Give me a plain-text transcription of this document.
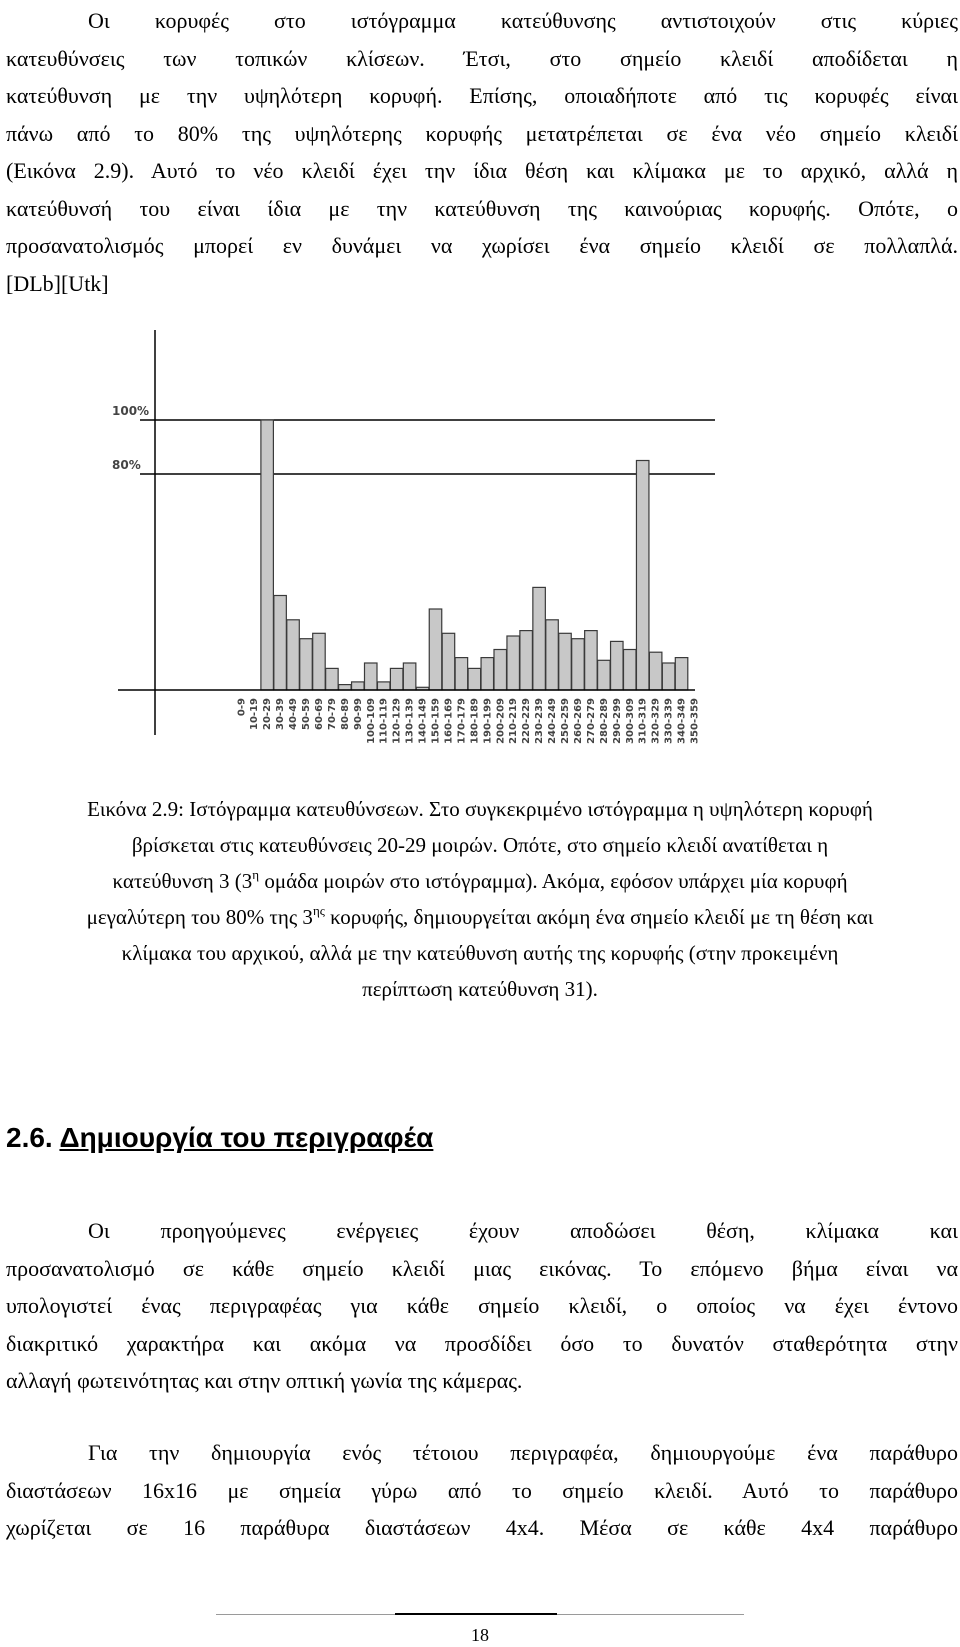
Οι κορυφές στο ιστόγραμμα κατεύθυνσης αντιστοιχούν στις κύριες
κατευθύνσεις των τοπικών κλίσεων. Έτσι, στο σημείο κλειδί αποδίδεται η
κατεύθυνση με την υψηλότερη κορυφή. Επίσης, οποιαδήποτε από τις κορυφές είναι
πάνω από το 80% της υψηλότερης κορυφής μετατρέπεται σε ένα νέο σημείο κλειδί
(Εικόνα 2.9). Αυτό το νέο κλειδί έχει την ίδια θέση και κλίμακα με το αρχικό, αλλά η
κατεύθυνσή του είναι ίδια με την κατεύθυνση της καινούριας κορυφής. Οπότε, ο
προσανατολισμός μπορεί εν δυνάμει να χωρίσει ένα σημείο κλειδί σε πολλαπλά.
[DLb][Utk]
100%
80%
0-9 10-19 20-29 30-39 40-49 50-59 60-69 70-79 80-89 90-99 100-109 110-119 120-129 130-139 140-149 150-159 160-169 170-179 180-189 190-199 200-209 210-219 220-229 230-239 240-249 250-259 260-269 270-279 280-289 290-299 300-309 310-319 320-329 330-339 340-349 350-359
Εικόνα 2.9: Ιστόγραμμα κατευθύνσεων. Στο συγκεκριμένο ιστόγραμμα η υψηλότερη κορυφή
βρίσκεται στις κατευθύνσεις 20-29 μοιρών. Οπότε, στο σημείο κλειδί ανατίθεται η
κατεύθυνση 3 ($3^\eta$ ομάδα μοιρών στο ιστόγραμμα). Ακόμα, εφόσον υπάρχει μία κορυφή
μεγαλύτερη του 80% της $3^{\eta\varsigma}$ κορυφής, δημιουργείται ακόμη ένα σημείο κλειδί με τη θέση και
κλίμακα του αρχικού, αλλά με την κατεύθυνση αυτής της κορυφής (στην προκειμένη
περίπτωση κατεύθυνση 31).
2.6. Δημιουργία του περιγραφέα
Οι προηγούμενες ενέργειες έχουν αποδώσει θέση, κλίμακα και
προσανατολισμό σε κάθε σημείο κλειδί μιας εικόνας. Το επόμενο βήμα είναι να
υπολογιστεί ένας περιγραφέας για κάθε σημείο κλειδί, ο οποίος να έχει έντονο
διακριτικό χαρακτήρα και ακόμα να προσδίδει όσο το δυνατόν σταθερότητα στην
αλλαγή φωτεινότητας και στην οπτική γωνία της κάμερας.
Για την δημιουργία ενός τέτοιου περιγραφέα, δημιουργούμε ένα παράθυρο
διαστάσεων 16x16 με σημεία γύρω από το σημείο κλειδί. Αυτό το παράθυρο
χωρίζεται σε 16 παράθυρα διαστάσεων 4x4. Μέσα σε κάθε 4x4 παράθυρο
18
